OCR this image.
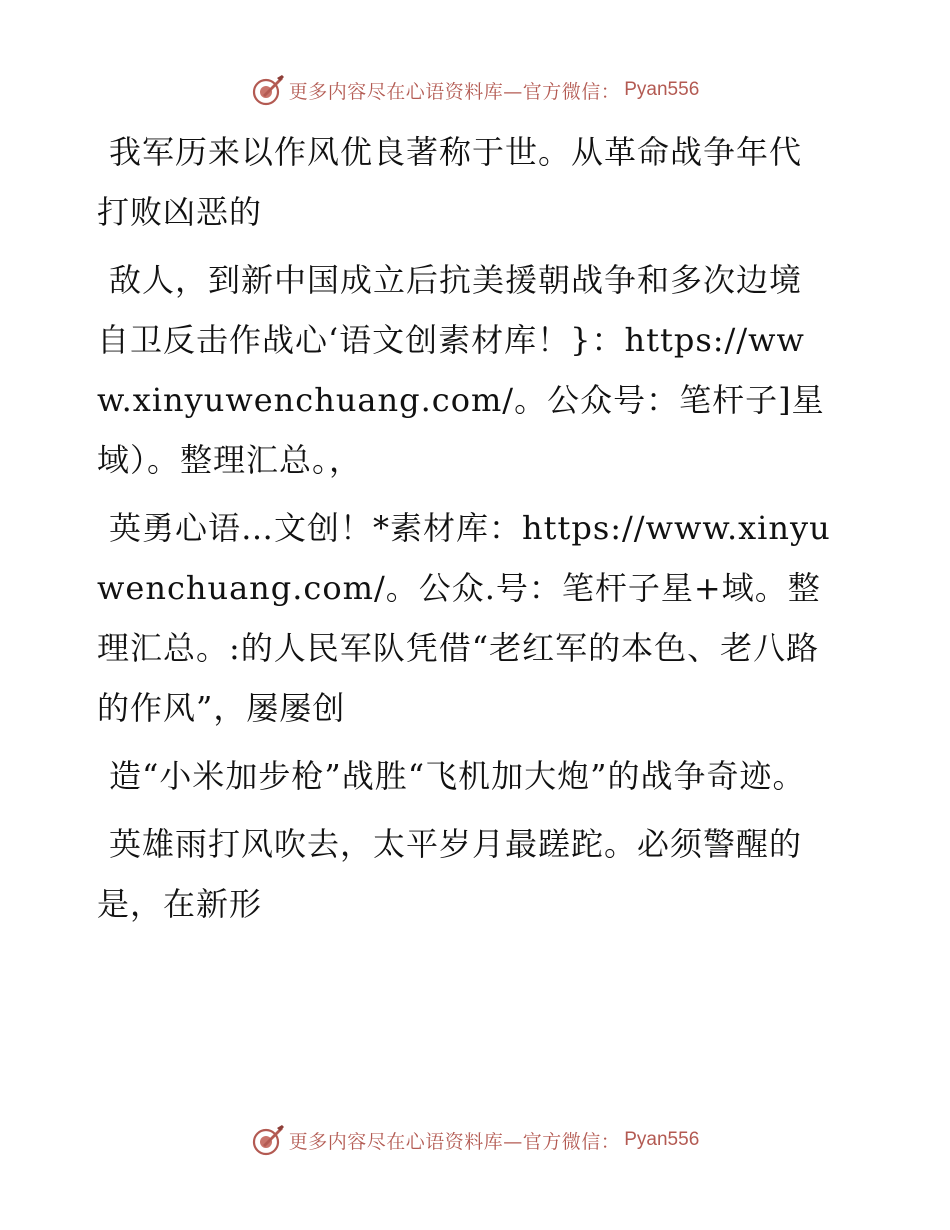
更多内容尽在心语资料库—官方微信： Pyan556

我军历来以作风优良著称于世。从革命战争年代打败凶恶的

敌人，到新中国成立后抗美援朝战争和多次边境自卫反击作战心‘语文创素材库！}：https://www.xinyuwenchuang.com/。公众号：笔杆子]星域）。整理汇总。，

英勇心语…文创！*素材库：https://www.xinyuwenchuang.com/。公众.号：笔杆子星+域。整理汇总。:的人民军队凭借“老红军的本色、老八路的作风”，屡屡创

造“小米加步枪”战胜“飞机加大炮”的战争奇迹。

英雄雨打风吹去，太平岁月最蹉跎。必须警醒的是，在新形

更多内容尽在心语资料库—官方微信： Pyan556
